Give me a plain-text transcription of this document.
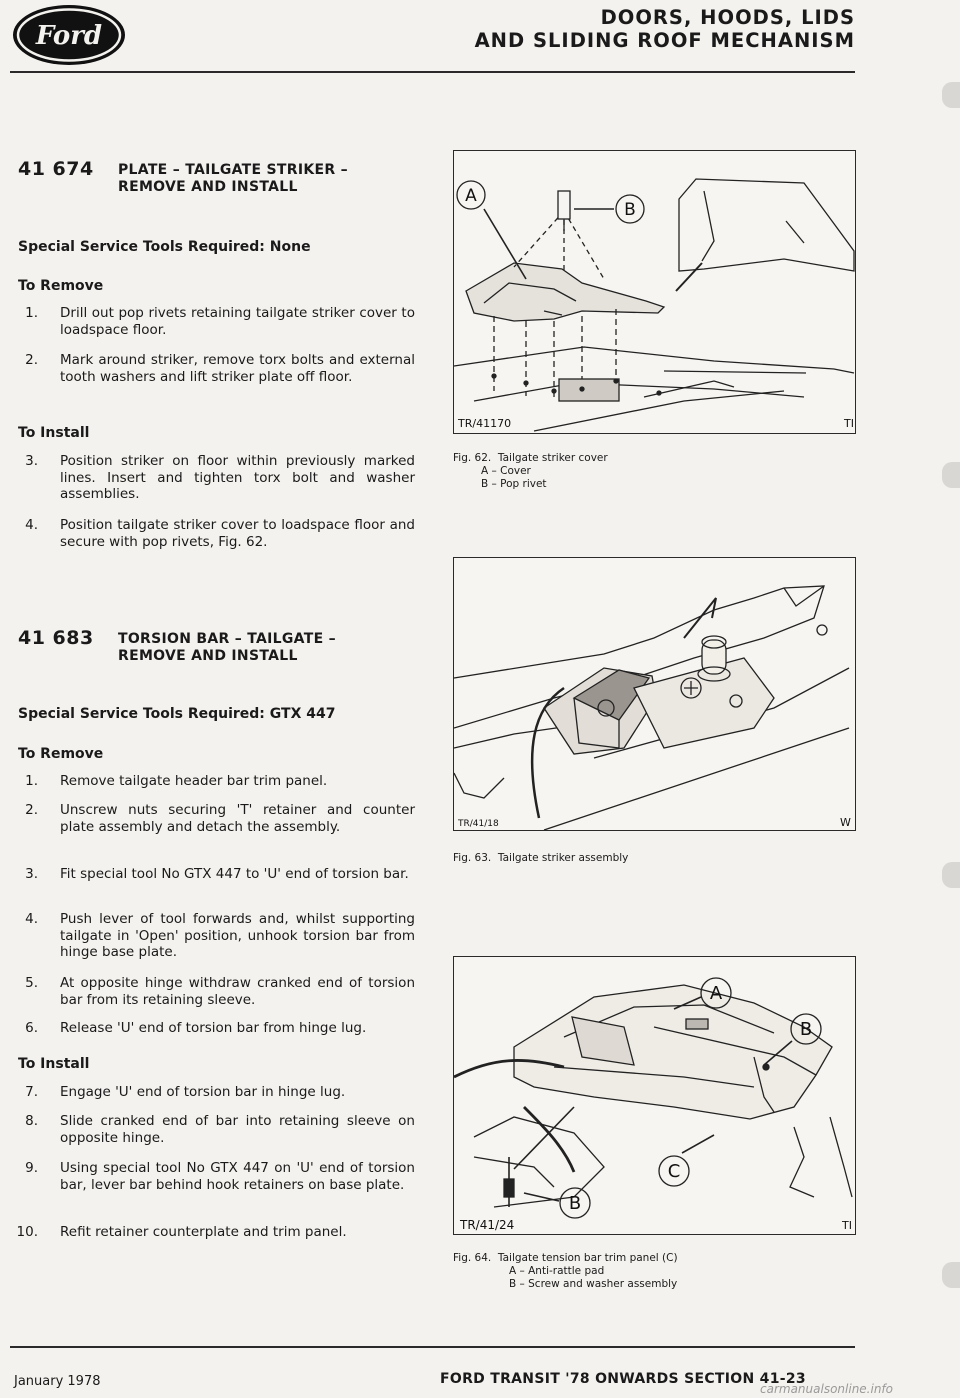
Ford
DOORS, HOODS, LIDS
AND SLIDING ROOF MECHANISM
41 674 PLATE – TAILGATE STRIKER –
REMOVE AND INSTALL
Special Service Tools Required: None
To Remove
1. Drill out pop rivets retaining tailgate striker cover to loadspace floor.
2. Mark around striker, remove torx bolts and external tooth washers and lift striker plate off floor.
To Install
3. Position striker on floor within previously marked lines. Insert and tighten torx bolt and washer assemblies.
4. Position tailgate striker cover to loadspace floor and secure with pop rivets, Fig. 62.
41 683 TORSION BAR – TAILGATE –
REMOVE AND INSTALL
Special Service Tools Required: GTX 447
To Remove
1. Remove tailgate header bar trim panel.
2. Unscrew nuts securing 'T' retainer and counter plate assembly and detach the assembly.
3. Fit special tool No GTX 447 to 'U' end of torsion bar.
4. Push lever of tool forwards and, whilst supporting tailgate in 'Open' position, unhook torsion bar from hinge base plate.
5. At opposite hinge withdraw cranked end of torsion bar from its retaining sleeve.
6. Release 'U' end of torsion bar from hinge lug.
To Install
7. Engage 'U' end of torsion bar in hinge lug.
8. Slide cranked end of bar into retaining sleeve on opposite hinge.
9. Using special tool No GTX 447 on 'U' end of torsion bar, lever bar behind hook retainers on base plate.
10. Refit retainer counterplate and trim panel.
A
B
TR/41170	TI
Fig. 62. Tailgate striker cover
A – Cover
B – Pop rivet
TR/41/18	W
Fig. 63. Tailgate striker assembly
A
B
C
B
TR/41/24	TI
Fig. 64. Tailgate tension bar trim panel (C)
A – Anti-rattle pad
B – Screw and washer assembly
January 1978	FORD TRANSIT '78 ONWARDS SECTION 41-23
carmanualsonline.info
